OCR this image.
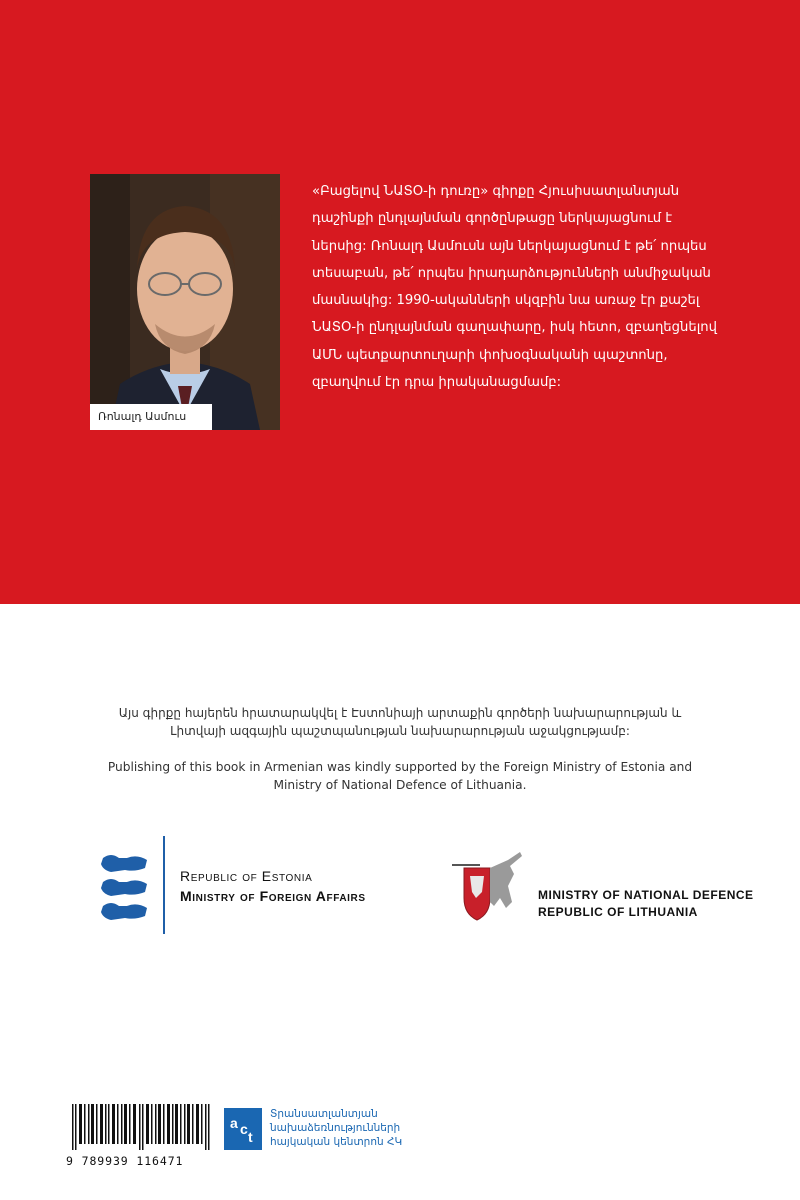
Ռոնալդ Ասմուս

«Բացելով ՆԱՏՕ-ի դուռը» գիրքը Հյուսիսատլանտյան դաշինքի ընդլայնման գործընթացը ներկայացնում է ներսից: Ռոնալդ Ասմուսն այն ներկայացնում է թե՛ որպես տեսաբան, թե՛ որպես իրադարձությունների անմիջական մասնակից: 1990-ականների սկզբին նա առաջ էր քաշել ՆԱՏՕ-ի ընդլայնման գաղափարը, իսկ հետո, զբաղեցնելով ԱՄՆ պետքարտուղարի փոխօգնականի պաշտոնը, զբաղվում էր դրա իրականացմամբ:

Այս գիրքը հայերեն հրատարակվել է Էստոնիայի արտաքին գործերի նախարարության և Լիտվայի ազգային պաշտպանության նախարարության աջակցությամբ:

Publishing of this book in Armenian was kindly supported by the Foreign Ministry of Estonia and Ministry of National Defence of Lithuania.

Republic of Estonia
Ministry of Foreign Affairs	MINISTRY OF NATIONAL DEFENCE
REPUBLIC OF LITHUANIA
9 789939 116471
a c t
Տրանսատլանտյան
նախաձեռնությունների
հայկական կենտրոն ՀԿ
